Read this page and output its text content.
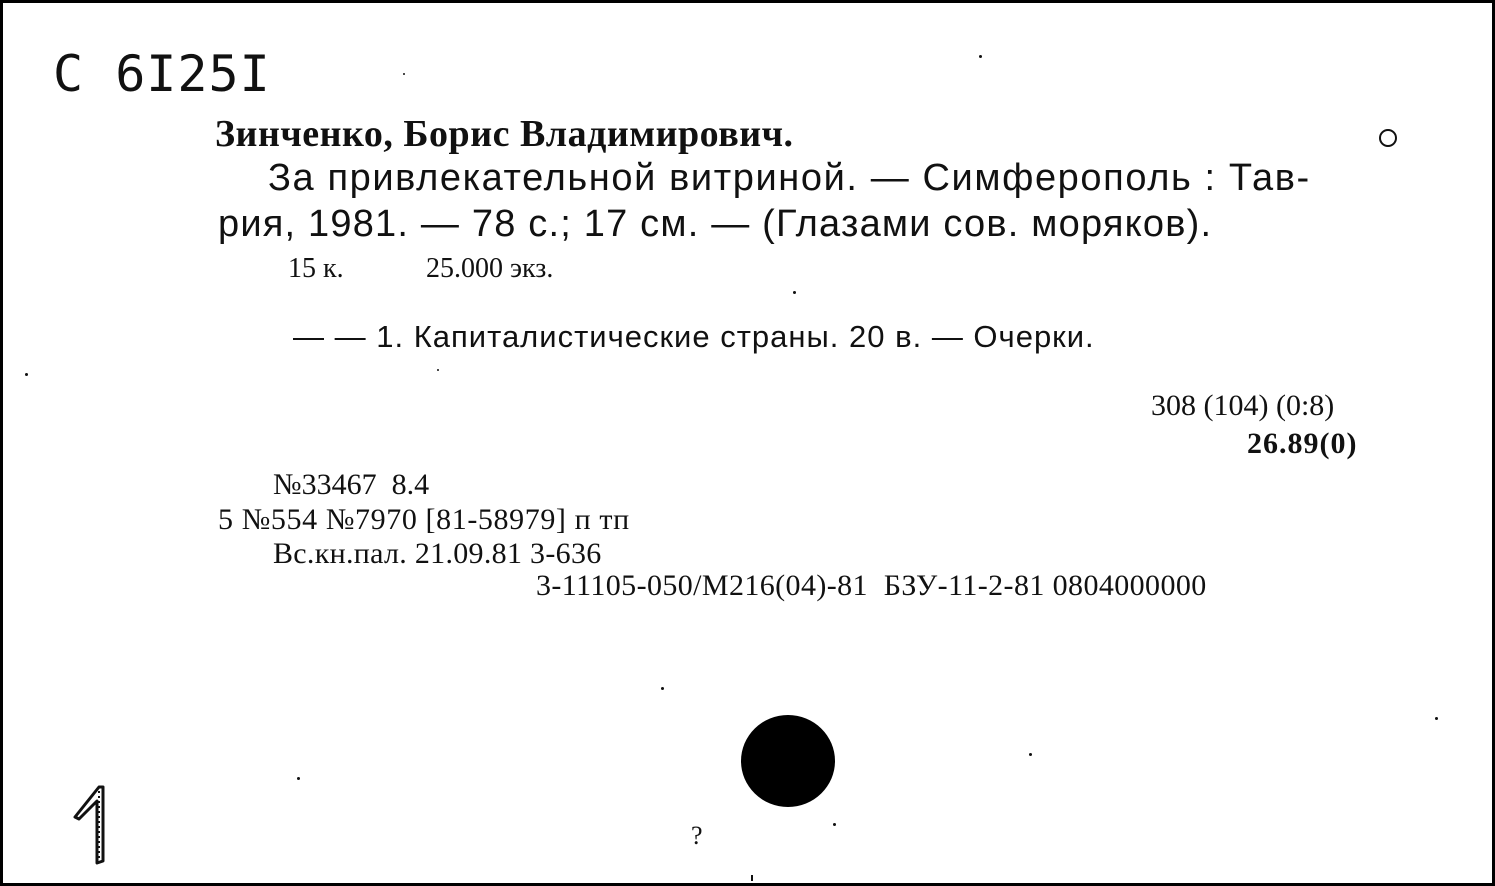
С 6I25I
Зинченко, Борис Владимирович.
За привлекательной витриной. — Симферополь : Тав-
рия, 1981. — 78 с.; 17 см. — (Глазами сов. моряков).
15 к.	25.000 экз.
— — 1. Капиталистические страны. 20 в. — Очерки.
308 (104) (0:8)
26.89(0)
№33467  8.4
5 №554 №7970 [81-58979] п тп
Вс.кн.пал. 21.09.81 3-636
3-11105-050/M216(04)-81  БЗУ-11-2-81 0804000000
?
